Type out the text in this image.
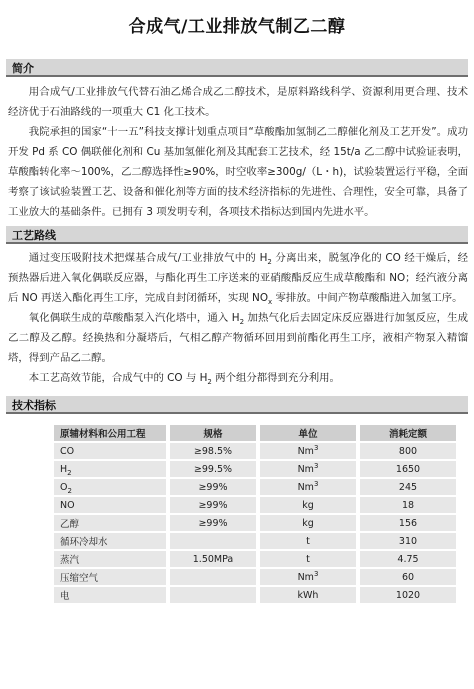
合成气/工业排放气制乙二醇
简介

用合成气/工业排放气代替石油乙烯合成乙二醇技术，是原料路线科学、资源利用更合理、技术经济优于石油路线的一项重大 C1 化工技术。

我院承担的国家“十一五”科技支撑计划重点项目“草酸酯加氢制乙二醇催化剂及工艺开发”。成功开发 Pd 系 CO 偶联催化剂和 Cu 基加氢催化剂及其配套工艺技术，经 15t/a 乙二醇中试验证表明，草酸酯转化率～100%，乙二醇选择性≥90%，时空收率≥300g/（L・h)，试验装置运行平稳，全面考察了该试验装置工艺、设备和催化剂等方面的技术经济指标的先进性、合理性，安全可靠，具备了工业放大的基础条件。已拥有 3 项发明专利，各项技术指标达到国内先进水平。

工艺路线

通过变压吸附技术把煤基合成气/工业排放气中的 $H_2$ 分离出来，脱氢净化的 CO 经干燥后，经预热器后进入氧化偶联反应器，与酯化再生工序送来的亚硝酸酯反应生成草酸酯和 NO；经汽液分离后 NO 再送入酯化再生工序，完成自封闭循环，实现 $NO_x$ 零排放。中间产物草酸酯进入加氢工序。

氧化偶联生成的草酸酯泵入汽化塔中，通入 $H_2$ 加热气化后去固定床反应器进行加氢反应，生成乙二醇及乙醇。经换热和分凝塔后，气相乙醇产物循环回用到前酯化再生工序，液相产物泵入精馏塔，得到产品乙二醇。

本工艺高效节能，合成气中的 CO 与 $H_2$ 两个组分都得到充分利用。

技术指标
原辅材料和公用工程		规格		单位		消耗定额
CO		≥98.5%		Nm$^3$		800
$H_2$		≥99.5%		Nm$^3$		1650
$O_2$		≥99%		Nm$^3$		245
NO		≥99%		kg		18
乙醇		≥99%		kg		156
循环冷却水				t		310
蒸汽		1.50MPa		t		4.75
压缩空气				Nm$^3$		60
电				kWh		1020
